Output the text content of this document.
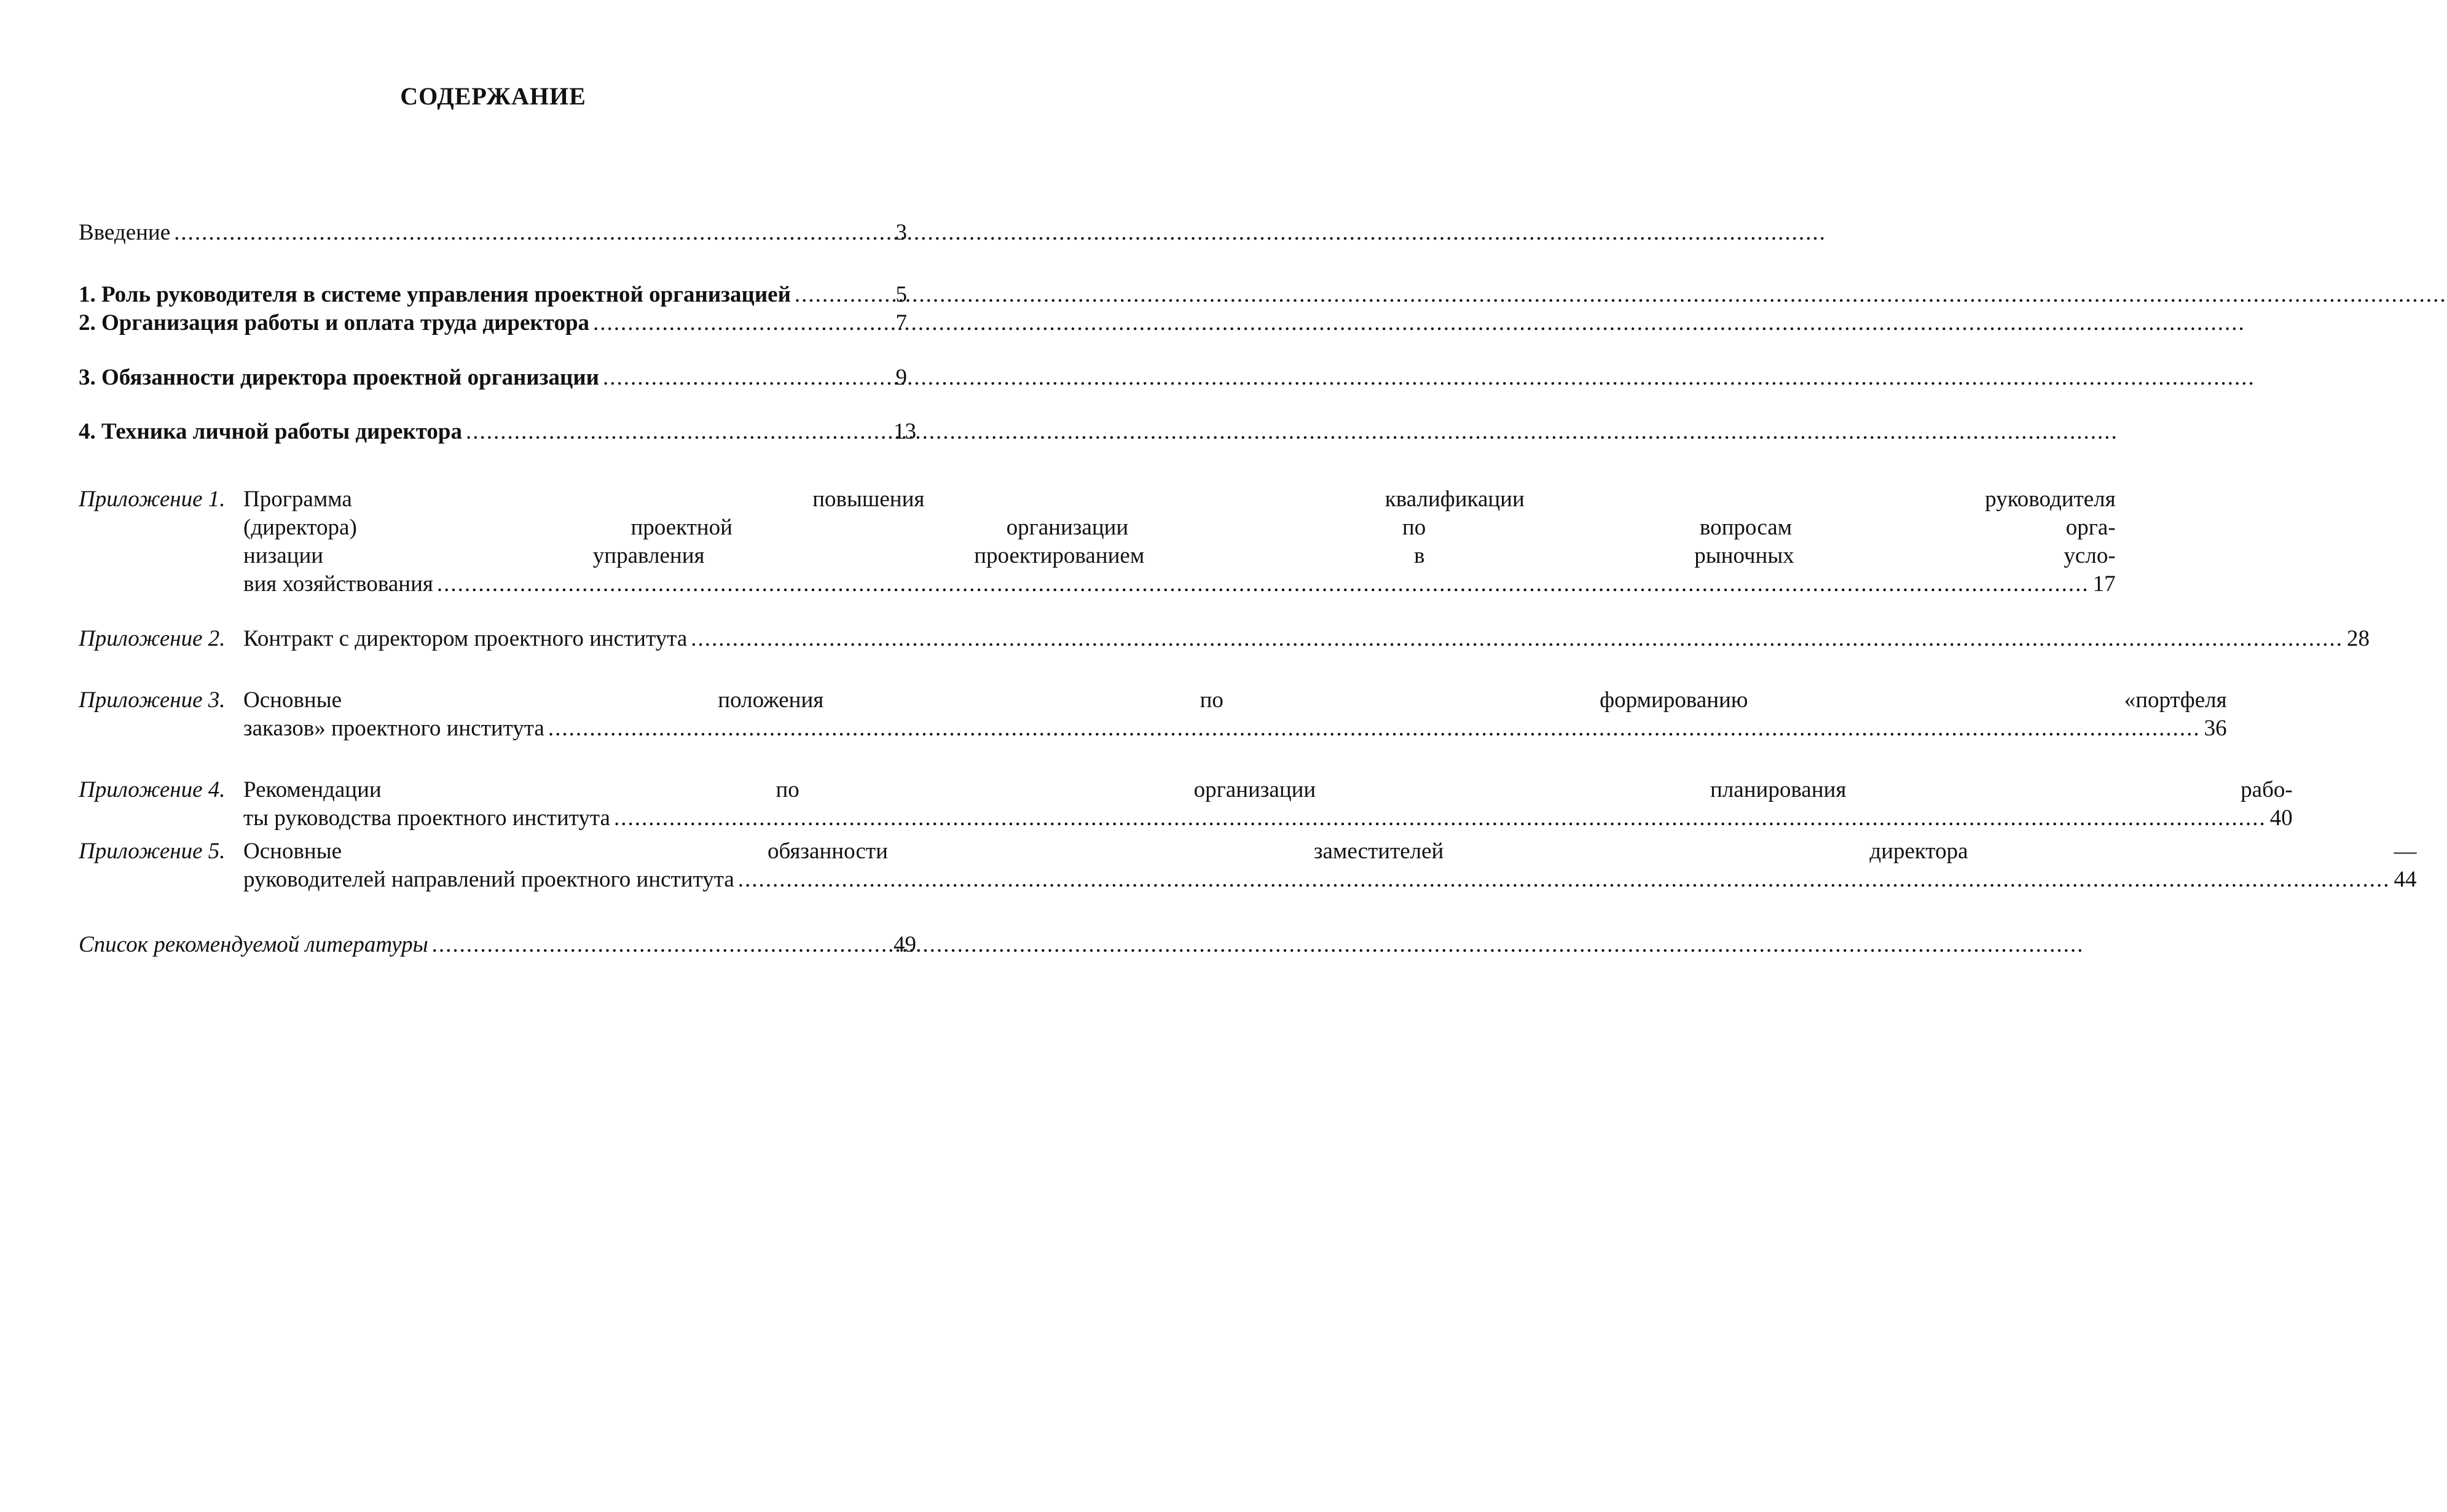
СОДЕРЖАНИЕ
Введение .....	3
1. Роль руководителя в системе управления проектной организацией .....	5
2. Организация работы и оплата труда директора .....	7
3. Обязанности директора проектной организации .....	9
4. Техника личной работы директора .....	13
Приложение 1. Программа повышения квалификации руководителя
(директора) проектной организации по вопросам орга-
низации управления проектированием в рыночных усло-
вия хозяйствования .....	17
Приложение 2. Контракт с директором проектного института .....	28
Приложение 3. Основные положения по формированию «портфеля
заказов» проектного института .....	36
Приложение 4. Рекомендации по организации планирования рабо-
ты руководства проектного института .....	40
Приложение 5. Основные обязанности заместителей директора —
руководителей направлений проектного института .....	44
Список рекомендуемой литературы .....	49
